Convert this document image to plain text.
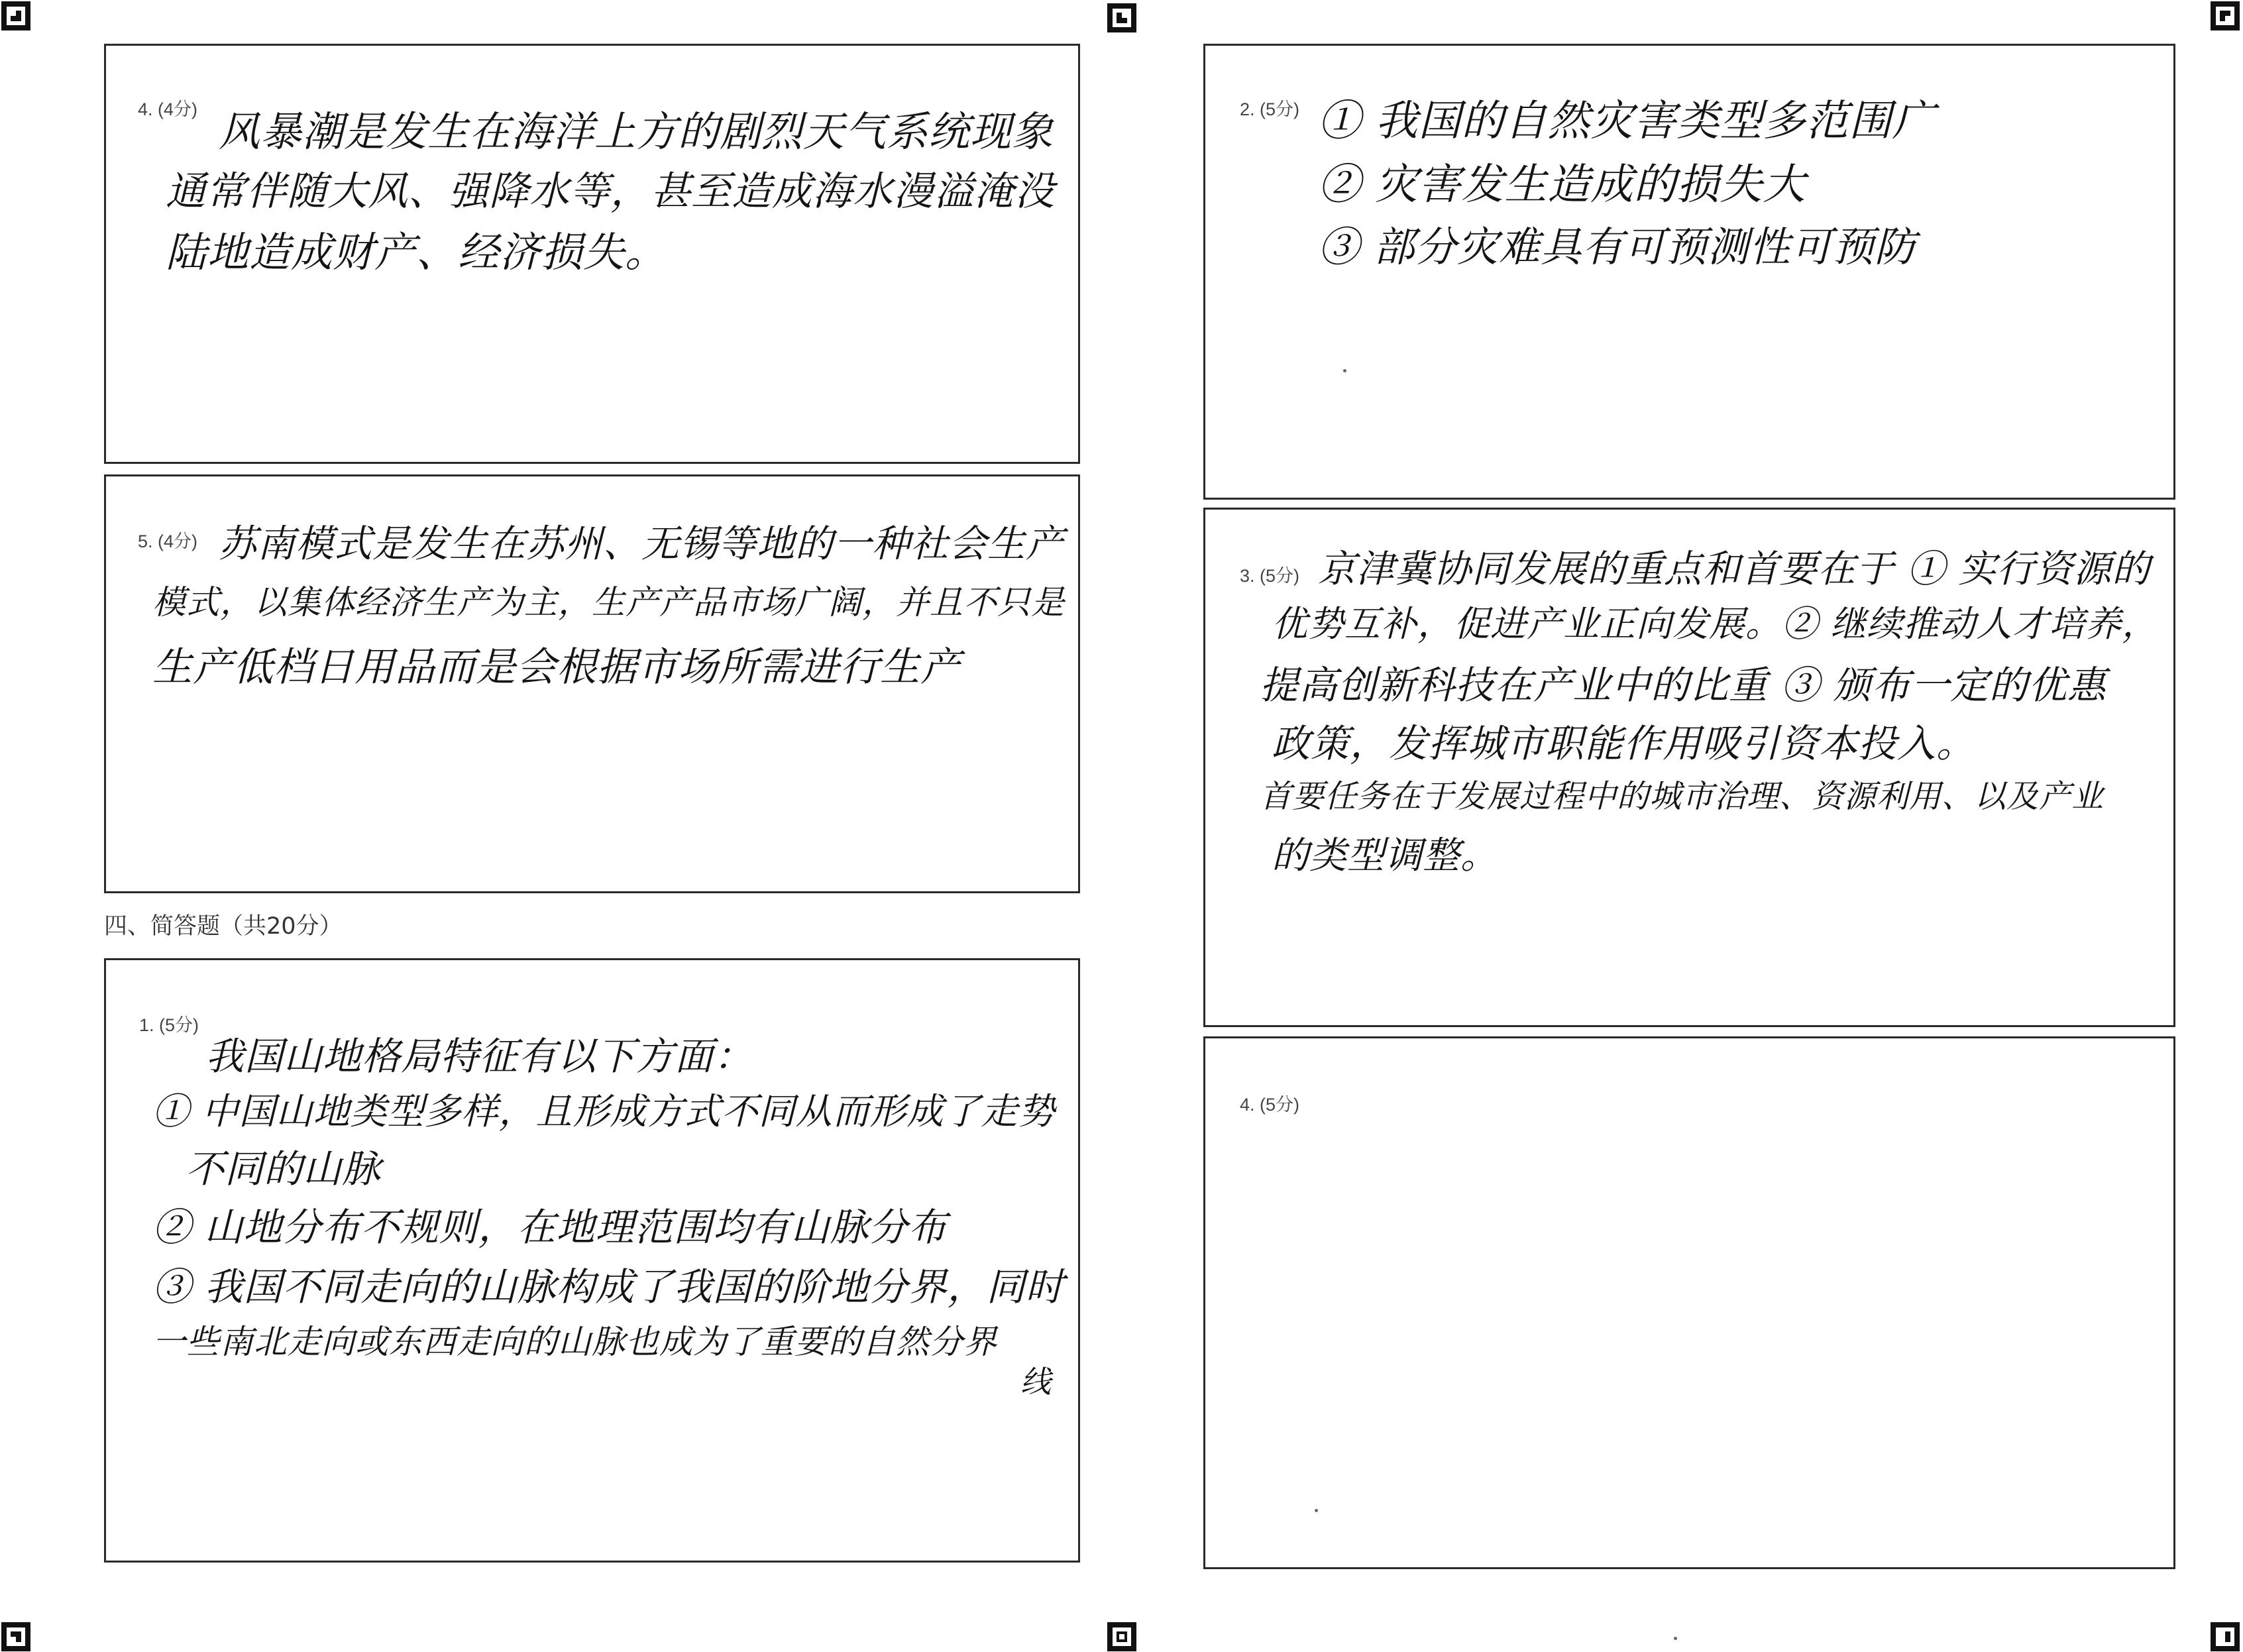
4. (4分) 风暴潮是发生在海洋上方的剧烈天气系统现象
通常伴随大风、强降水等，甚至造成海水漫溢淹没
陆地造成财产、经济损失。
5. (4分) 苏南模式是发生在苏州、无锡等地的一种社会生产
模式，以集体经济生产为主，生产产品市场广阔，并且不只是
生产低档日用品而是会根据市场所需进行生产
四、简答题（共20分）
1. (5分)
我国山地格局特征有以下方面：
① 中国山地类型多样，且形成方式不同从而形成了走势
不同的山脉
② 山地分布不规则，在地理范围均有山脉分布
③ 我国不同走向的山脉构成了我国的阶地分界，同时
一些南北走向或东西走向的山脉也成为了重要的自然分界
线
2. (5分) ① 我国的自然灾害类型多范围广
② 灾害发生造成的损失大
③ 部分灾难具有可预测性可预防
3. (5分) 京津冀协同发展的重点和首要在于 ① 实行资源的
优势互补，促进产业正向发展。② 继续推动人才培养，
提高创新科技在产业中的比重 ③ 颁布一定的优惠
政策，发挥城市职能作用吸引资本投入。
首要任务在于发展过程中的城市治理、资源利用、以及产业
的类型调整。
4. (5分)
